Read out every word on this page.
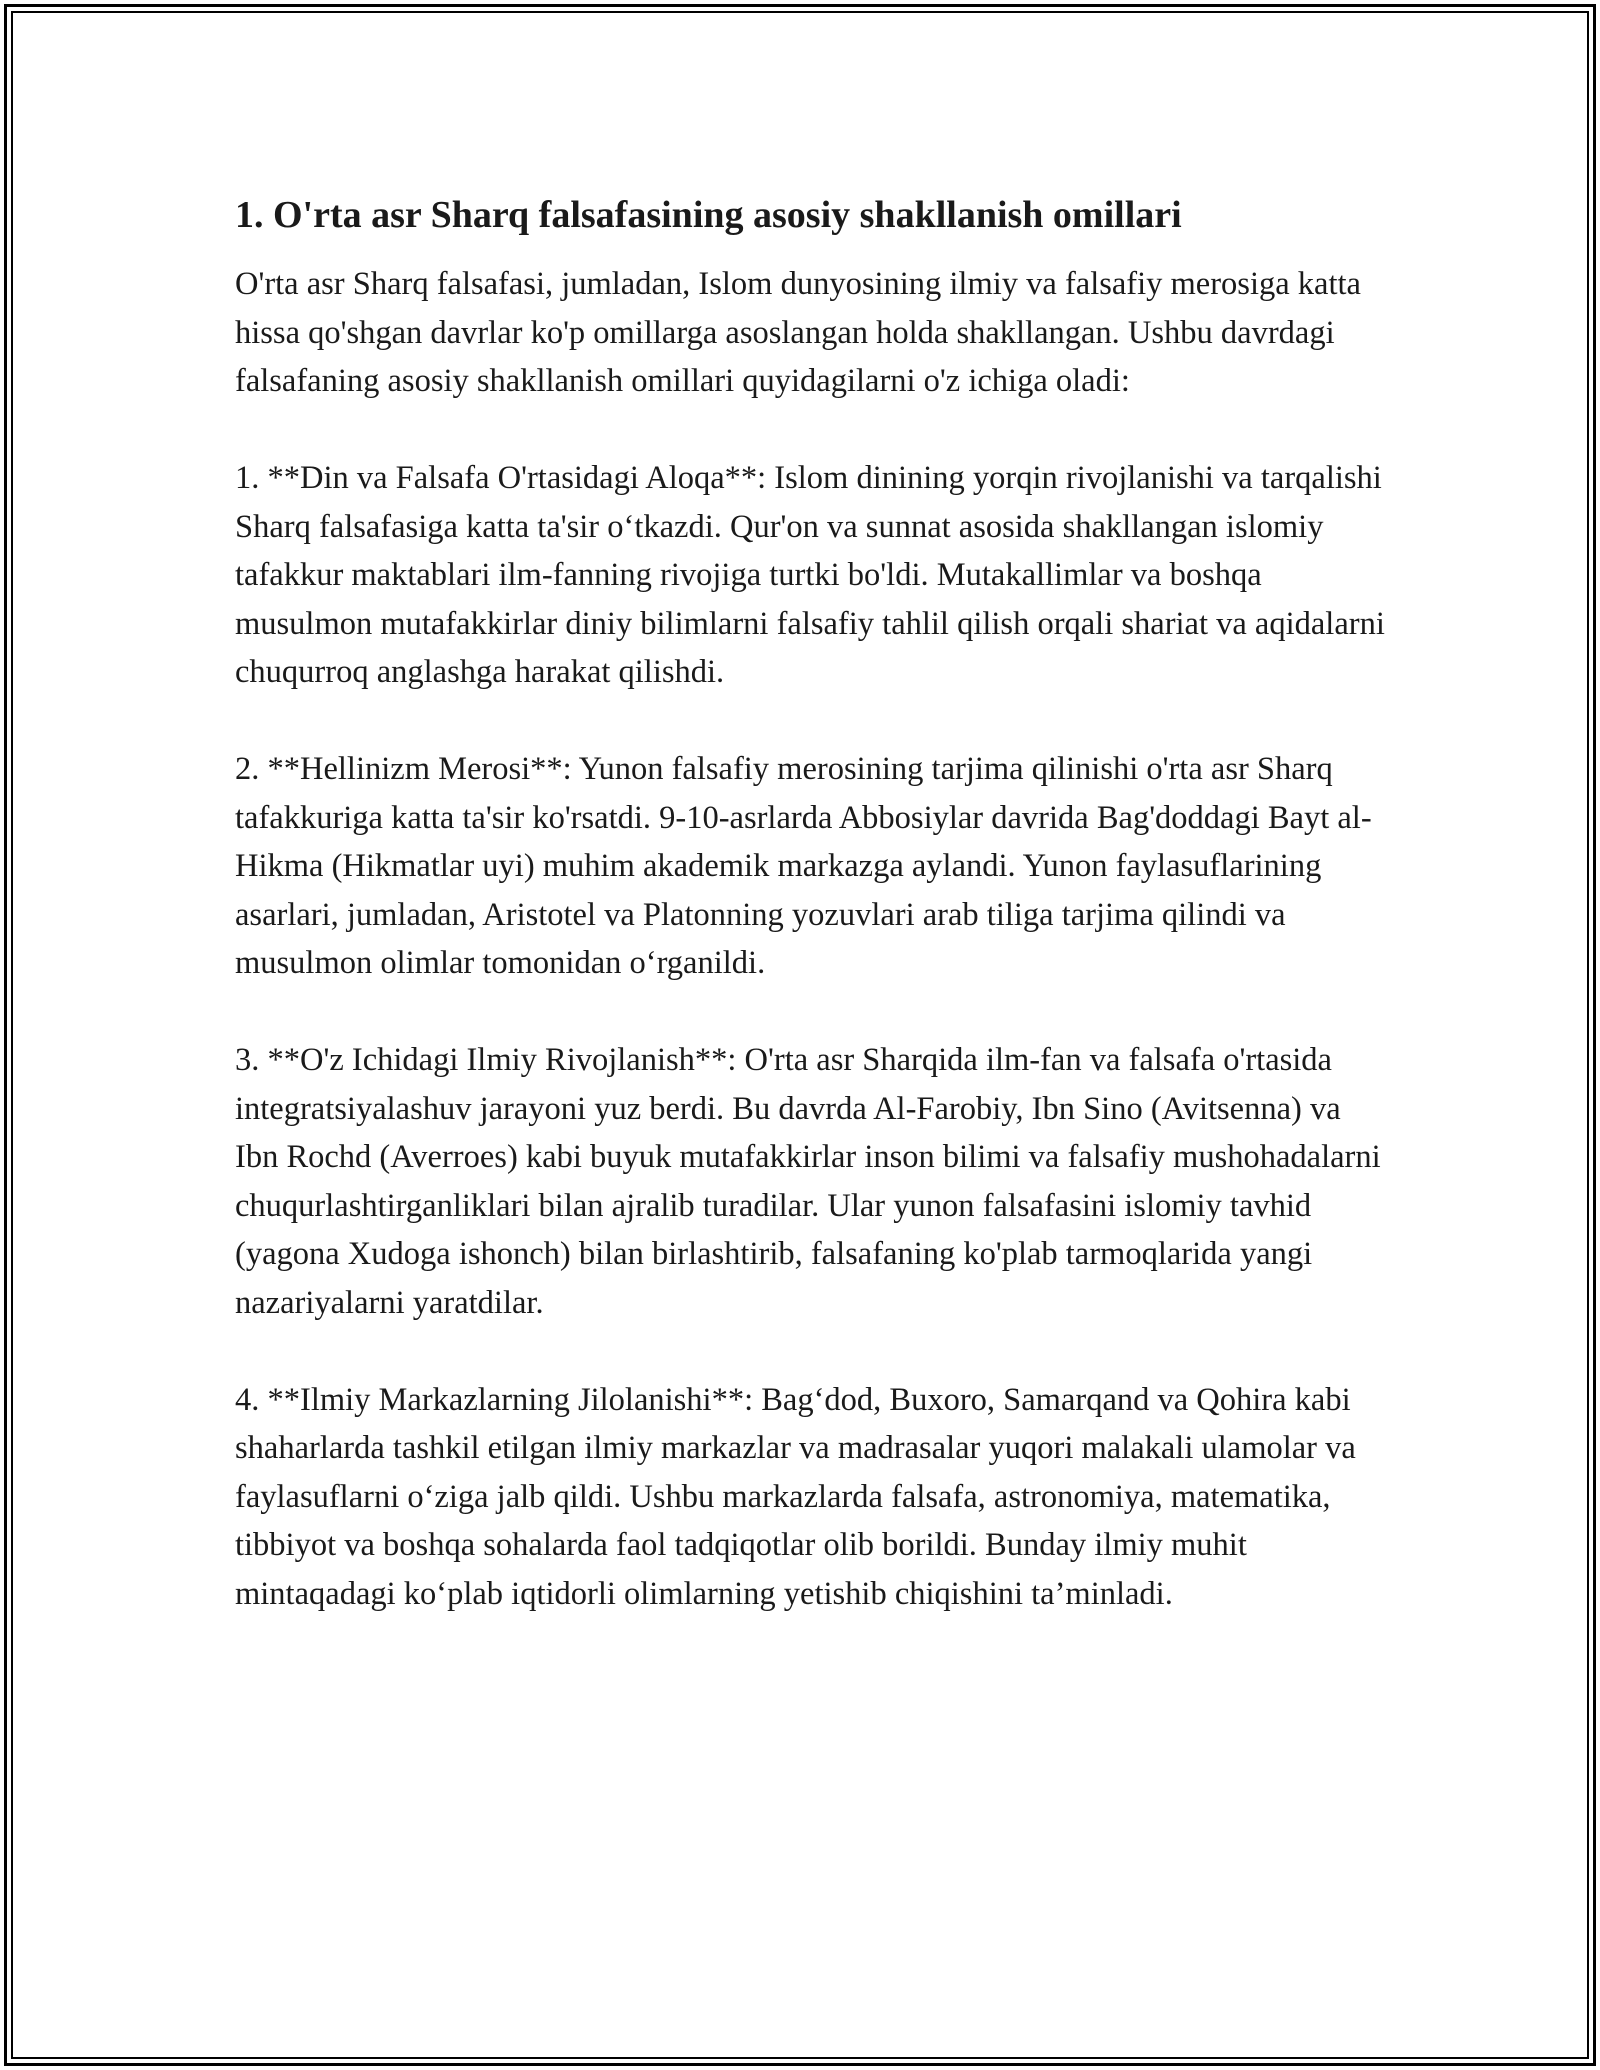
1. O'rta asr Sharq falsafasining asosiy shakllanish omillari

O'rta asr Sharq falsafasi, jumladan, Islom dunyosining ilmiy va falsafiy merosiga katta hissa qo'shgan davrlar ko'p omillarga asoslangan holda shakllangan. Ushbu davrdagi falsafaning asosiy shakllanish omillari quyidagilarni o'z ichiga oladi:

1. **Din va Falsafa O'rtasidagi Aloqa**: Islom dinining yorqin rivojlanishi va tarqalishi Sharq falsafasiga katta ta'sir o‘tkazdi. Qur'on va sunnat asosida shakllangan islomiy tafakkur maktablari ilm-fanning rivojiga turtki bo'ldi. Mutakallimlar va boshqa musulmon mutafakkirlar diniy bilimlarni falsafiy tahlil qilish orqali shariat va aqidalarni chuqurroq anglashga harakat qilishdi.

2. **Hellinizm Merosi**: Yunon falsafiy merosining tarjima qilinishi o'rta asr Sharq tafakkuriga katta ta'sir ko'rsatdi. 9-10-asrlarda Abbosiylar davrida Bag'doddagi Bayt al-Hikma (Hikmatlar uyi) muhim akademik markazga aylandi. Yunon faylasuflarining asarlari, jumladan, Aristotel va Platonning yozuvlari arab tiliga tarjima qilindi va musulmon olimlar tomonidan o‘rganildi.

3. **O'z Ichidagi Ilmiy Rivojlanish**: O'rta asr Sharqida ilm-fan va falsafa o'rtasida integratsiyalashuv jarayoni yuz berdi. Bu davrda Al-Farobiy, Ibn Sino (Avitsenna) va Ibn Rochd (Averroes) kabi buyuk mutafakkirlar inson bilimi va falsafiy mushohadalarni chuqurlashtirganliklari bilan ajralib turadilar. Ular yunon falsafasini islomiy tavhid (yagona Xudoga ishonch) bilan birlashtirib, falsafaning ko'plab tarmoqlarida yangi nazariyalarni yaratdilar.

4. **Ilmiy Markazlarning Jilolanishi**: Bag‘dod, Buxoro, Samarqand va Qohira kabi shaharlarda tashkil etilgan ilmiy markazlar va madrasalar yuqori malakali ulamolar va faylasuflarni o‘ziga jalb qildi. Ushbu markazlarda falsafa, astronomiya, matematika, tibbiyot va boshqa sohalarda faol tadqiqotlar olib borildi. Bunday ilmiy muhit mintaqadagi ko‘plab iqtidorli olimlarning yetishib chiqishini ta’minladi.
